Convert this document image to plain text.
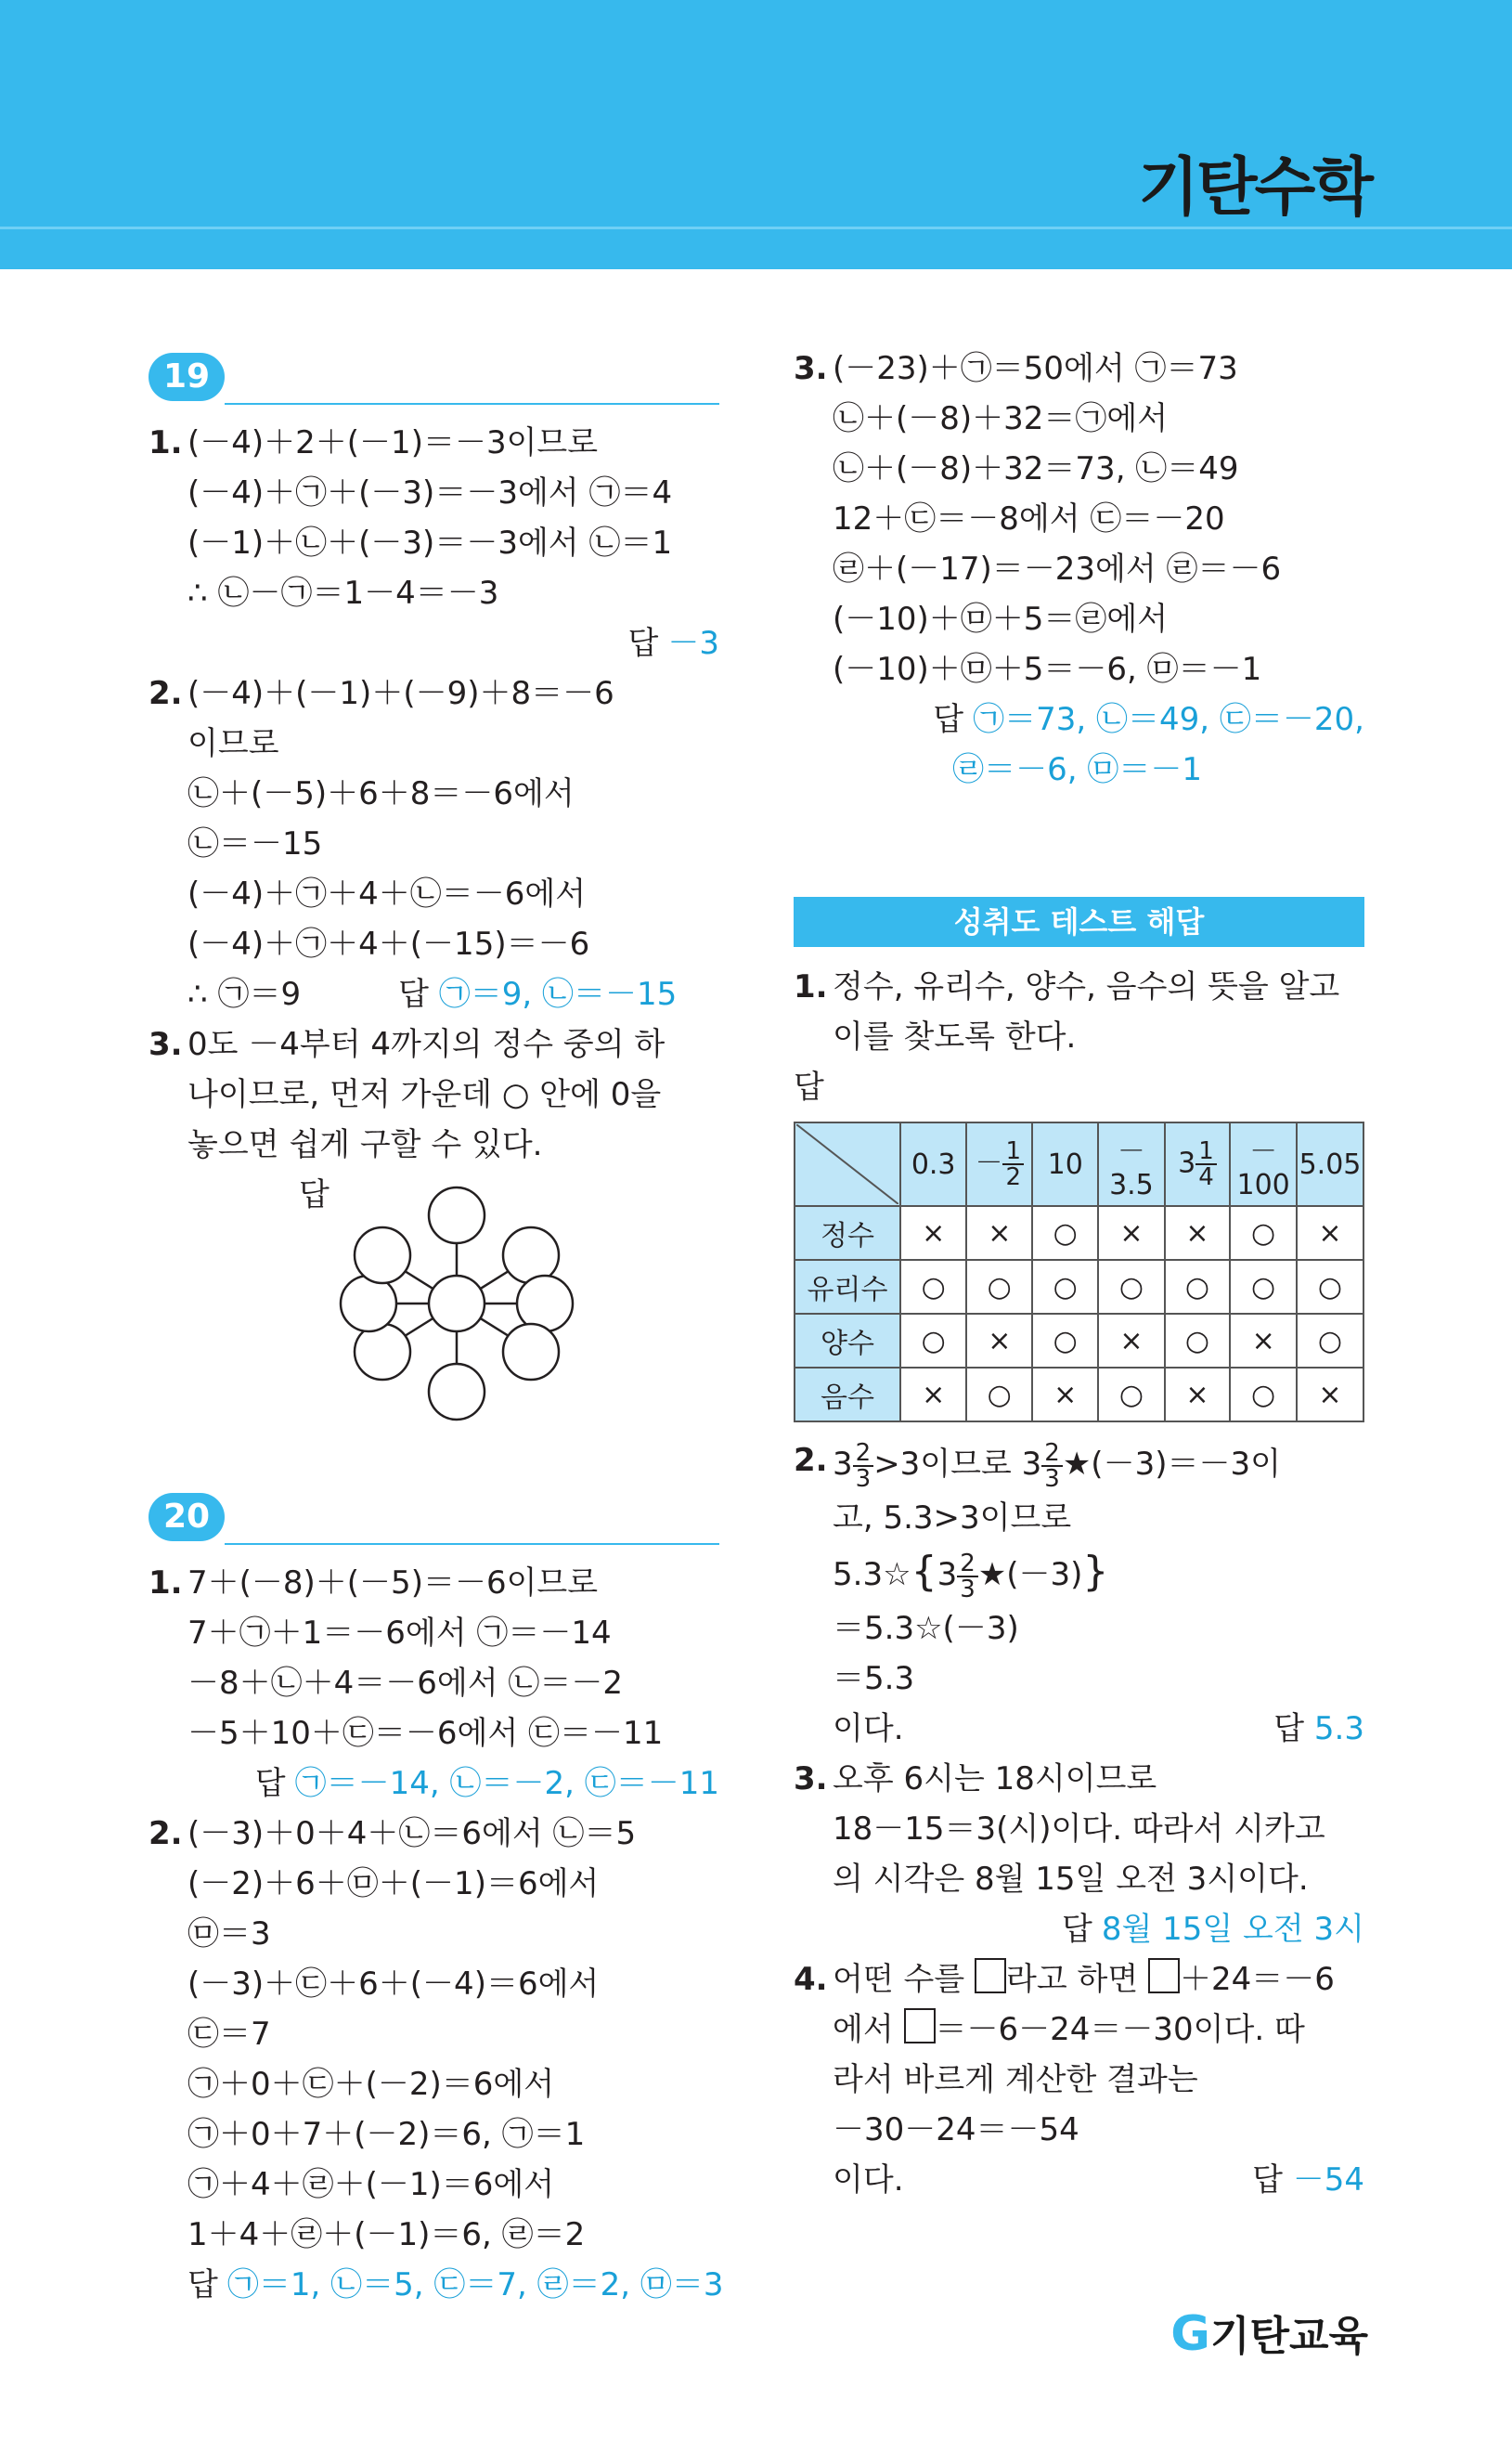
기탄수학
19
1. (－4)＋2＋(－1)＝－3이므로
(－4)＋㉠＋(－3)＝－3에서 ㉠＝4
(－1)＋㉡＋(－3)＝－3에서 ㉡＝1
∴ ㉡－㉠＝1－4＝－3
답 －3
2. (－4)＋(－1)＋(－9)＋8＝－6
이므로
㉡＋(－5)＋6＋8＝－6에서
㉡＝－15
(－4)＋㉠＋4＋㉡＝－6에서
(－4)＋㉠＋4＋(－15)＝－6
∴ ㉠＝9	답 ㉠＝9, ㉡＝－15
3. 0도 －4부터 4까지의 정수 중의 하
나이므로, 먼저 가운데 ○ 안에 0을
놓으면 쉽게 구할 수 있다.
답
20
1. 7＋(－8)＋(－5)＝－6이므로
7＋㉠＋1＝－6에서 ㉠＝－14
－8＋㉡＋4＝－6에서 ㉡＝－2
－5＋10＋㉢＝－6에서 ㉢＝－11
답 ㉠＝－14, ㉡＝－2, ㉢＝－11
2. (－3)＋0＋4＋㉡＝6에서 ㉡＝5
(－2)＋6＋㉤＋(－1)＝6에서
㉤＝3
(－3)＋㉢＋6＋(－4)＝6에서
㉢＝7
㉠＋0＋㉢＋(－2)＝6에서
㉠＋0＋7＋(－2)＝6, ㉠＝1
㉠＋4＋㉣＋(－1)＝6에서
1＋4＋㉣＋(－1)＝6, ㉣＝2
답 ㉠＝1, ㉡＝5, ㉢＝7, ㉣＝2, ㉤＝3
3. (－23)＋㉠＝50에서 ㉠＝73
㉡＋(－8)＋32＝㉠에서
㉡＋(－8)＋32＝73, ㉡＝49
12＋㉢＝－8에서 ㉢＝－20
㉣＋(－17)＝－23에서 ㉣＝－6
(－10)＋㉤＋5＝㉣에서
(－10)＋㉤＋5＝－6, ㉤＝－1
답 ㉠＝73, ㉡＝49, ㉢＝－20,
㉣＝－6, ㉤＝－1
성취도 테스트 해답
1. 정수, 유리수, 양수, 음수의 뜻을 알고
이를 찾도록 한다.
답
	0.3	－ $\frac{1}{2}$	10	－3.5	$3 \frac{1}{4}$	－100	5.05
정수	×	×	○	×	×	○	×
유리수	○	○	○	○	○	○	○
양수	○	×	○	×	○	×	○
음수	×	○	×	○	×	○	×
2. $3 \frac{2}{3} >3$이므로 $3 \frac{2}{3}$ ★(－3)＝－3이
고, 5.3>3이므로
5.3☆{3 $\frac{2}{3}$ ★(－3)}
＝5.3☆(－3)
＝5.3
이다.	답 5.3
3. 오후 6시는 18시이므로
18－15＝3(시)이다. 따라서 시카고
의 시각은 8월 15일 오전 3시이다.
답 8월 15일 오전 3시
4. 어떤 수를 라고 하면 ＋24＝－6
에서 ＝－6－24＝－30이다. 따
라서 바르게 계산한 결과는
－30－24＝－54
이다.	답 －54
G기탄교육
